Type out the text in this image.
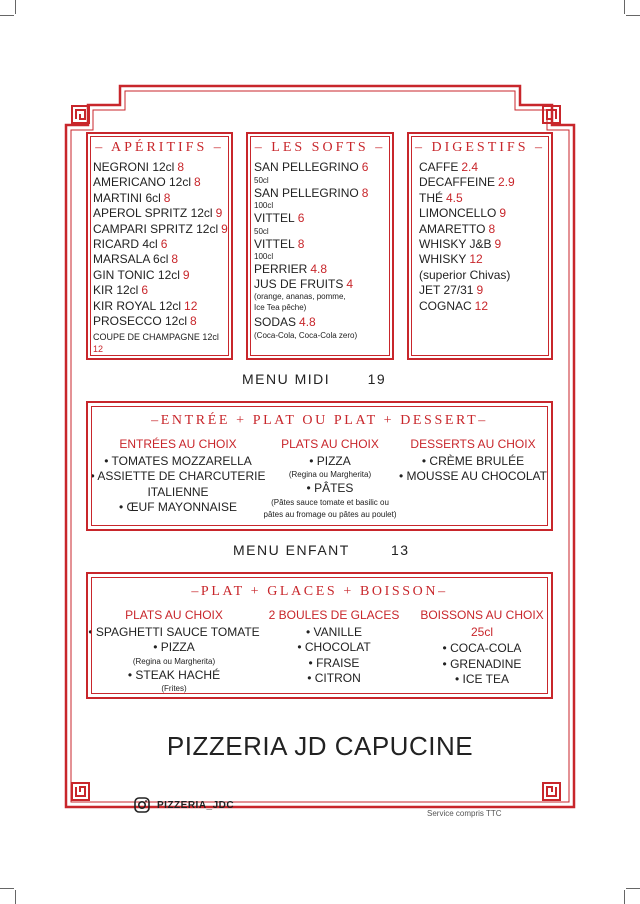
– APÉRITIFS –
NEGRONI 12cl 8
AMERICANO 12cl 8
MARTINI 6cl 8
APEROL SPRITZ 12cl 9
CAMPARI SPRITZ 12cl 9
RICARD 4cl 6
MARSALA 6cl 8
GIN TONIC 12cl 9
KIR 12cl 6
KIR ROYAL 12cl 12
PROSECCO 12cl 8
COUPE DE CHAMPAGNE 12cl
12
– LES SOFTS –
SAN PELLEGRINO 6
50cl
SAN PELLEGRINO 8
100cl
VITTEL 6
50cl
VITTEL 8
100cl
PERRIER 4.8
JUS DE FRUITS 4
(orange, ananas, pomme,
Ice Tea pêche)
SODAS 4.8
(Coca-Cola, Coca-Cola zero)
– DIGESTIFS –
CAFFE 2.4
DECAFFEINE 2.9
THÉ 4.5
LIMONCELLO 9
AMARETTO 8
WHISKY J&B 9
WHISKY 12
(superior Chivas)
JET 27/31 9
COGNAC 12
MENU MIDI	19
–ENTRÉE + PLAT OU PLAT + DESSERT–
ENTRÉES AU CHOIX
• TOMATES MOZZARELLA
• ASSIETTE DE CHARCUTERIE
ITALIENNE
• ŒUF MAYONNAISE
PLATS AU CHOIX
• PIZZA
(Regina ou Margherita)
• PÂTES
(Pâtes sauce tomate et basilic ou
pâtes au fromage ou pâtes au poulet)
DESSERTS AU CHOIX
• CRÈME BRULÉE
• MOUSSE AU CHOCOLAT
MENU ENFANT	13
–PLAT + GLACES + BOISSON–
PLATS AU CHOIX
• SPAGHETTI SAUCE TOMATE
• PIZZA
(Regina ou Margherita)
• STEAK HACHÉ
(Frites)
2 BOULES DE GLACES
• VANILLE
• CHOCOLAT
• FRAISE
• CITRON
BOISSONS AU CHOIX
25cl
• COCA-COLA
• GRENADINE
• ICE TEA
PIZZERIA JD CAPUCINE
PIZZERIA_JDC
Service compris TTC
